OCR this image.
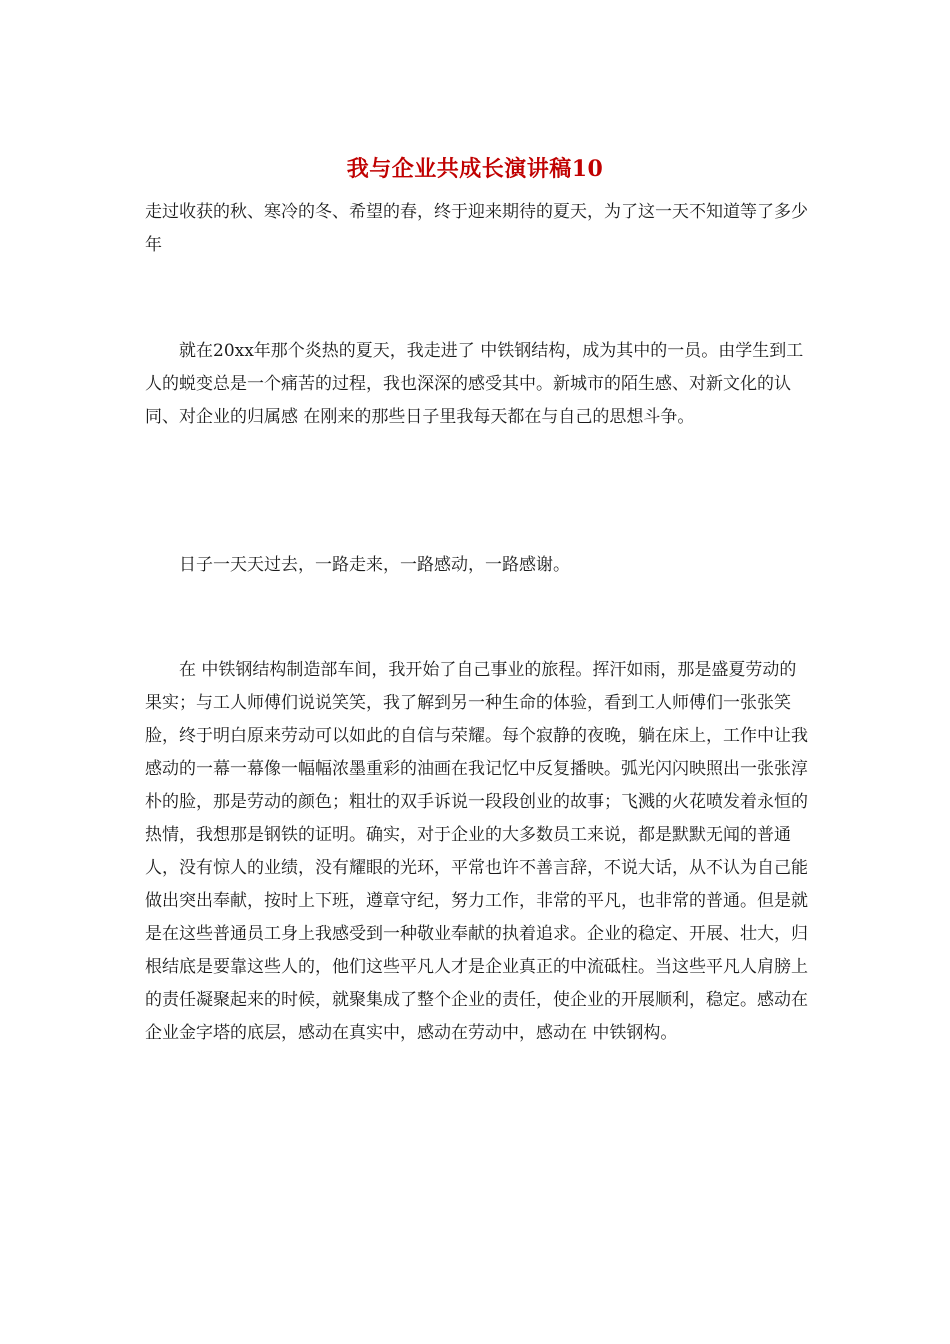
我与企业共成长演讲稿10

走过收获的秋、寒冷的冬、希望的春，终于迎来期待的夏天，为了这一天不知道等了多少年

就在20xx年那个炎热的夏天，我走进了 中铁钢结构，成为其中的一员。由学生到工人的蜕变总是一个痛苦的过程，我也深深的感受其中。新城市的陌生感、对新文化的认同、对企业的归属感 在刚来的那些日子里我每天都在与自己的思想斗争。

日子一天天过去，一路走来，一路感动，一路感谢。

在 中铁钢结构制造部车间，我开始了自己事业的旅程。挥汗如雨，那是盛夏劳动的果实；与工人师傅们说说笑笑，我了解到另一种生命的体验，看到工人师傅们一张张笑脸，终于明白原来劳动可以如此的自信与荣耀。每个寂静的夜晚，躺在床上，工作中让我感动的一幕一幕像一幅幅浓墨重彩的油画在我记忆中反复播映。弧光闪闪映照出一张张淳朴的脸，那是劳动的颜色；粗壮的双手诉说一段段创业的故事；飞溅的火花喷发着永恒的热情，我想那是钢铁的证明。确实，对于企业的大多数员工来说，都是默默无闻的普通人，没有惊人的业绩，没有耀眼的光环，平常也许不善言辞，不说大话，从不认为自己能做出突出奉献，按时上下班，遵章守纪，努力工作，非常的平凡，也非常的普通。但是就是在这些普通员工身上我感受到一种敬业奉献的执着追求。企业的稳定、开展、壮大，归根结底是要靠这些人的，他们这些平凡人才是企业真正的中流砥柱。当这些平凡人肩膀上的责任凝聚起来的时候，就聚集成了整个企业的责任，使企业的开展顺利，稳定。感动在企业金字塔的底层，感动在真实中，感动在劳动中，感动在 中铁钢构。
